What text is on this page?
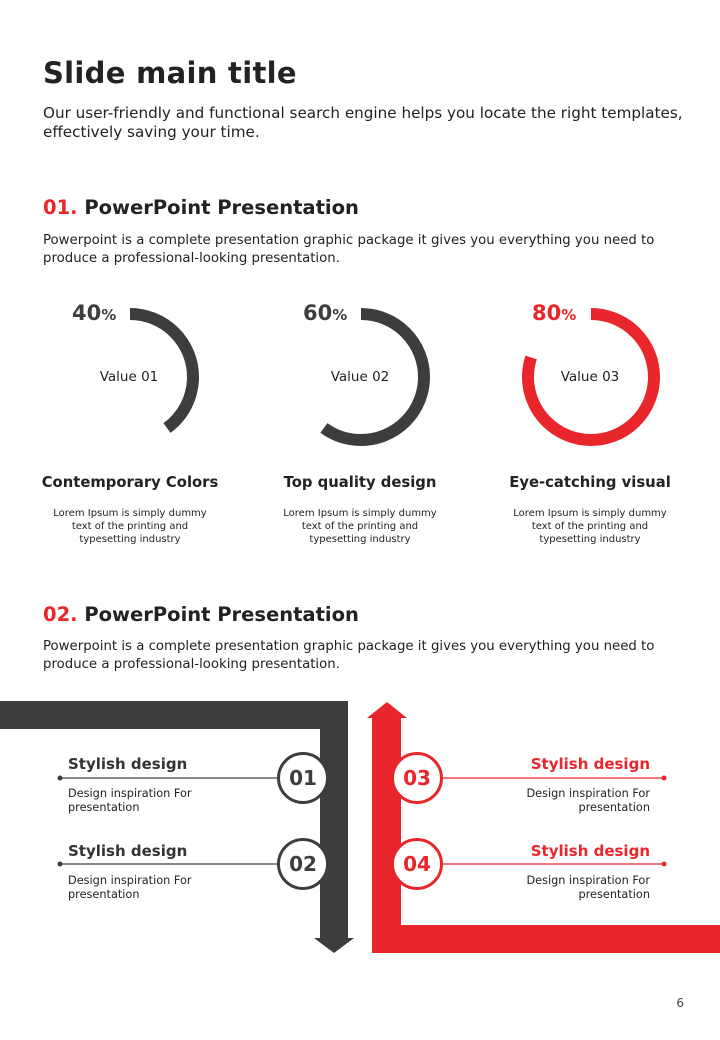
Slide main title
Our user-friendly and functional search engine helps you locate the right templates, effectively saving your time.
01. PowerPoint Presentation
Powerpoint is a complete presentation graphic package it gives you everything you need to produce a professional-looking presentation.
40%
Value 01
Contemporary Colors
Lorem Ipsum is simply dummy text of the printing and typesetting industry
60%
Value 02
Top quality design
Lorem Ipsum is simply dummy text of the printing and typesetting industry
80%
Value 03
Eye-catching visual
Lorem Ipsum is simply dummy text of the printing and typesetting industry
02. PowerPoint Presentation
Powerpoint is a complete presentation graphic package it gives you everything you need to produce a professional-looking presentation.
01
02
03
04
Stylish design
Design inspiration For presentation
Stylish design
Design inspiration For presentation
Stylish design
Design inspiration For presentation
Stylish design
Design inspiration For presentation
6
